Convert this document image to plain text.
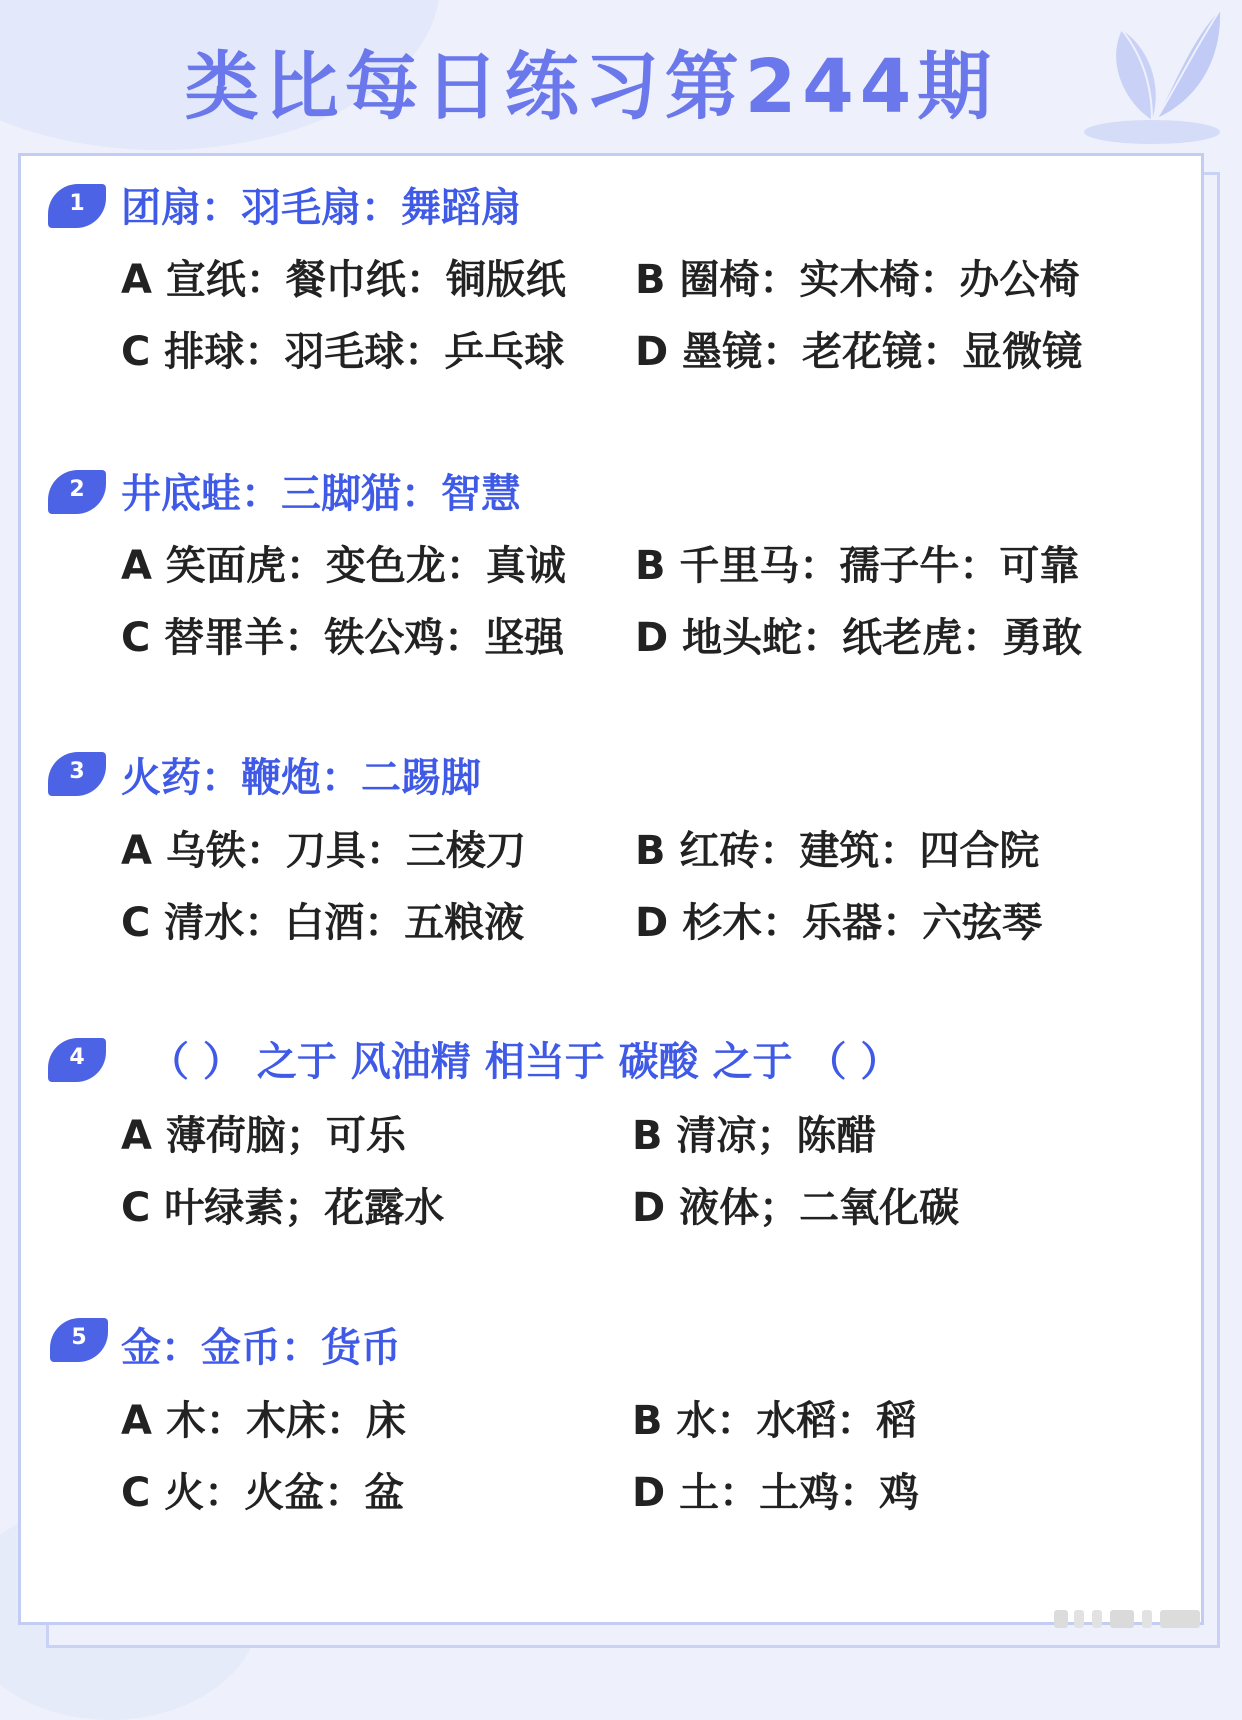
类比每日练习第244期
1 团扇：羽毛扇：舞蹈扇
A 宣纸：餐巾纸：铜版纸 B 圈椅：实木椅：办公椅
C 排球：羽毛球：乒乓球 D 墨镜：老花镜：显微镜
2 井底蛙：三脚猫：智慧
A 笑面虎：变色龙：真诚 B 千里马：孺子牛：可靠
C 替罪羊：铁公鸡：坚强 D 地头蛇：纸老虎：勇敢
3 火药：鞭炮：二踢脚
A 乌铁：刀具：三棱刀	B 红砖：建筑：四合院
C 清水：白酒：五粮液	D 杉木：乐器：六弦琴
4	（ ） 之于 风油精 相当于 碳酸 之于 （ ）
A 薄荷脑；可乐	B 清凉；陈醋
C 叶绿素；花露水	D 液体；二氧化碳
5 金：金币：货币
A 木：木床：床	B 水：水稻：稻
C 火：火盆：盆	D 土：土鸡：鸡
